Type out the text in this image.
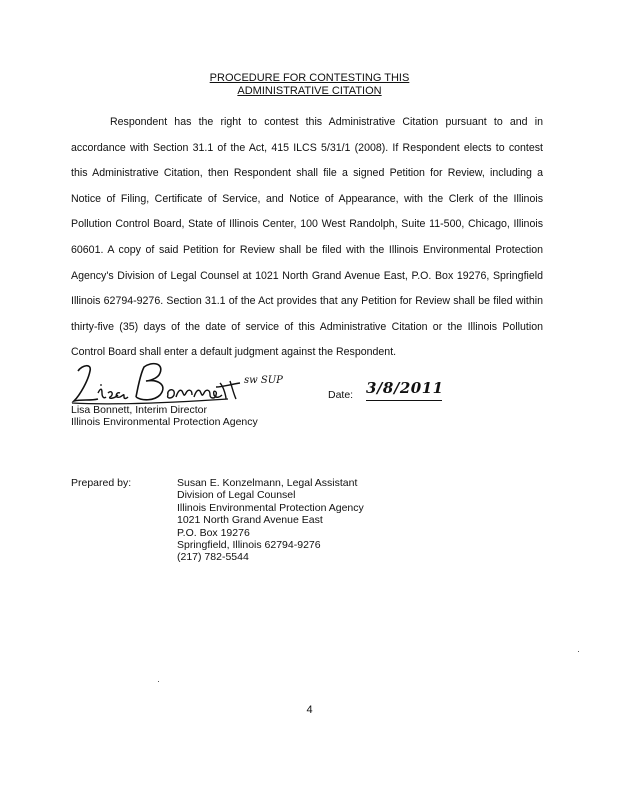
PROCEDURE FOR CONTESTING THIS
ADMINISTRATIVE CITATION

Respondent has the right to contest this Administrative Citation pursuant to and in accordance with Section 31.1 of the Act, 415 ILCS 5/31/1 (2008). If Respondent elects to contest this Administrative Citation, then Respondent shall file a signed Petition for Review, including a Notice of Filing, Certificate of Service, and Notice of Appearance, with the Clerk of the Illinois Pollution Control Board, State of Illinois Center, 100 West Randolph, Suite 11-500, Chicago, Illinois 60601. A copy of said Petition for Review shall be filed with the Illinois Environmental Protection Agency's Division of Legal Counsel at 1021 North Grand Avenue East, P.O. Box 19276, Springfield Illinois 62794-9276. Section 31.1 of the Act provides that any Petition for Review shall be filed within thirty-five (35) days of the date of service of this Administrative Citation or the Illinois Pollution Control Board shall enter a default judgment against the Respondent.

sw SUP
Lisa Bonnett, Interim Director
Illinois Environmental Protection Agency
Date: 3/8/2011
Prepared by:	Susan E. Konzelmann, Legal Assistant
Division of Legal Counsel
Illinois Environmental Protection Agency
1021 North Grand Avenue East
P.O. Box 19276
Springfield, Illinois 62794-9276
(217) 782-5544
4
